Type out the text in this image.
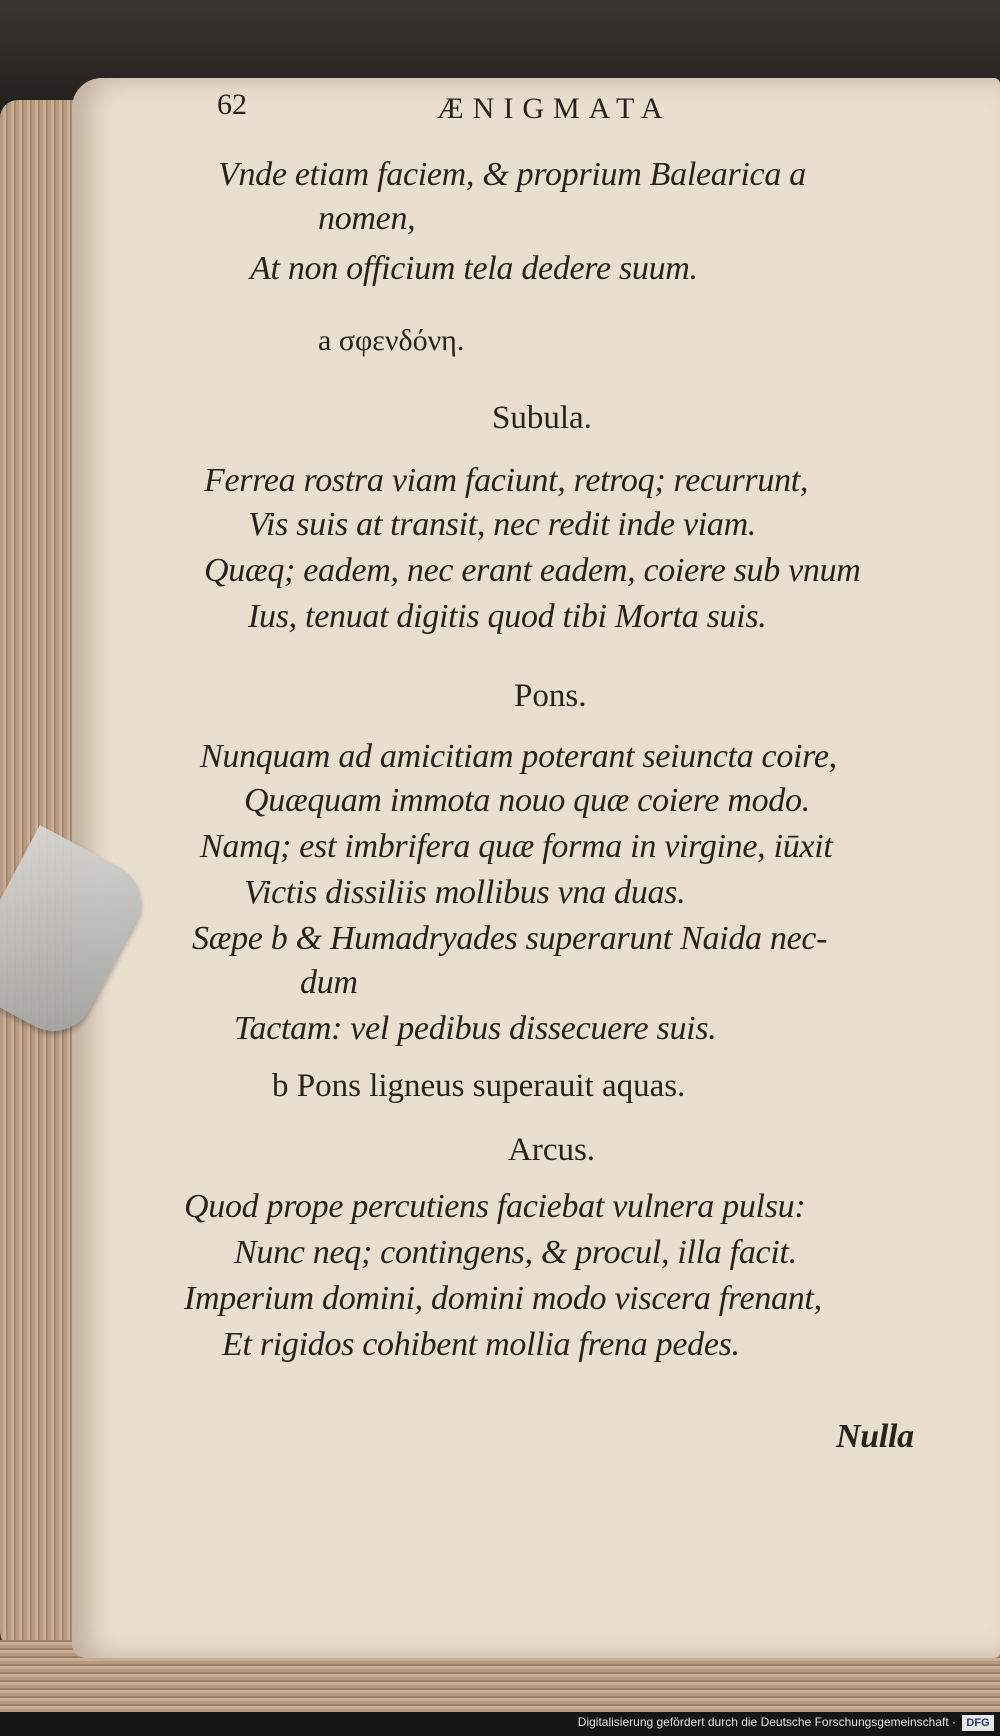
62	ÆNIGMATA
Vnde etiam faciem, & proprium Balearica a
nomen,
At non officium tela dedere suum.
a σφενδόνη.
Subula.
Ferrea rostra viam faciunt, retroq; recurrunt,
Vis suis at transit, nec redit inde viam.
Quæq; eadem, nec erant eadem, coiere sub vnum
Ius, tenuat digitis quod tibi Morta suis.
Pons.
Nunquam ad amicitiam poterant seiuncta coire,
Quæquam immota nouo quæ coiere modo.
Namq; est imbrifera quæ forma in virgine, iūxit
Victis dissiliis mollibus vna duas.
Sæpe b & Humadryades superarunt Naida nec-
dum
Tactam: vel pedibus dissecuere suis.
b Pons ligneus superauit aquas.
Arcus.
Quod prope percutiens faciebat vulnera pulsu:
Nunc neq; contingens, & procul, illa facit.
Imperium domini, domini modo viscera frenant,
Et rigidos cohibent mollia frena pedes.
Nulla
Digitalisierung gefördert durch die Deutsche Forschungsgemeinschaft · DFG
